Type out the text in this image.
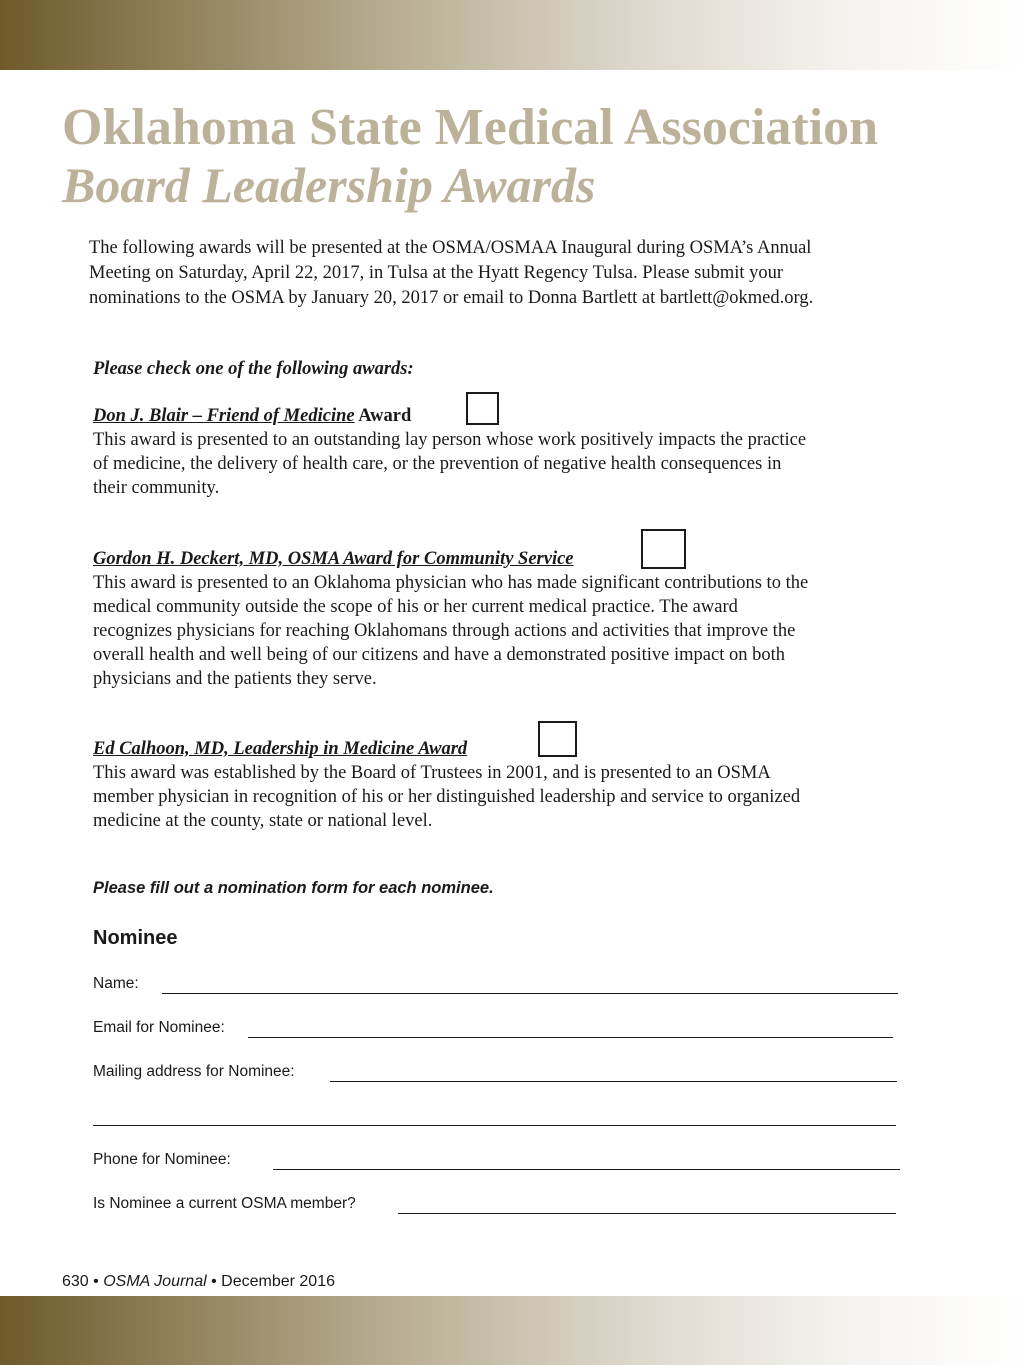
Oklahoma State Medical Association
Board Leadership Awards

The following awards will be presented at the OSMA/OSMAA Inaugural during OSMA’s Annual
Meeting on Saturday, April 22, 2017, in Tulsa at the Hyatt Regency Tulsa. Please submit your
nominations to the OSMA by January 20, 2017 or email to Donna Bartlett at bartlett@okmed.org.

Please check one of the following awards:

Don J. Blair – Friend of Medicine Award
This award is presented to an outstanding lay person whose work positively impacts the practice
of medicine, the delivery of health care, or the prevention of negative health consequences in
their community.
Gordon H. Deckert, MD, OSMA Award for Community Service
This award is presented to an Oklahoma physician who has made significant contributions to the
medical community outside the scope of his or her current medical practice. The award
recognizes physicians for reaching Oklahomans through actions and activities that improve the
overall health and well being of our citizens and have a demonstrated positive impact on both
physicians and the patients they serve.
Ed Calhoon, MD, Leadership in Medicine Award
This award was established by the Board of Trustees in 2001, and is presented to an OSMA
member physician in recognition of his or her distinguished leadership and service to organized
medicine at the county, state or national level.

Please fill out a nomination form for each nominee.

Nominee
Name:
Email for Nominee:
Mailing address for Nominee:
Phone for Nominee:
Is Nominee a current OSMA member?

630 • OSMA Journal • December 2016
